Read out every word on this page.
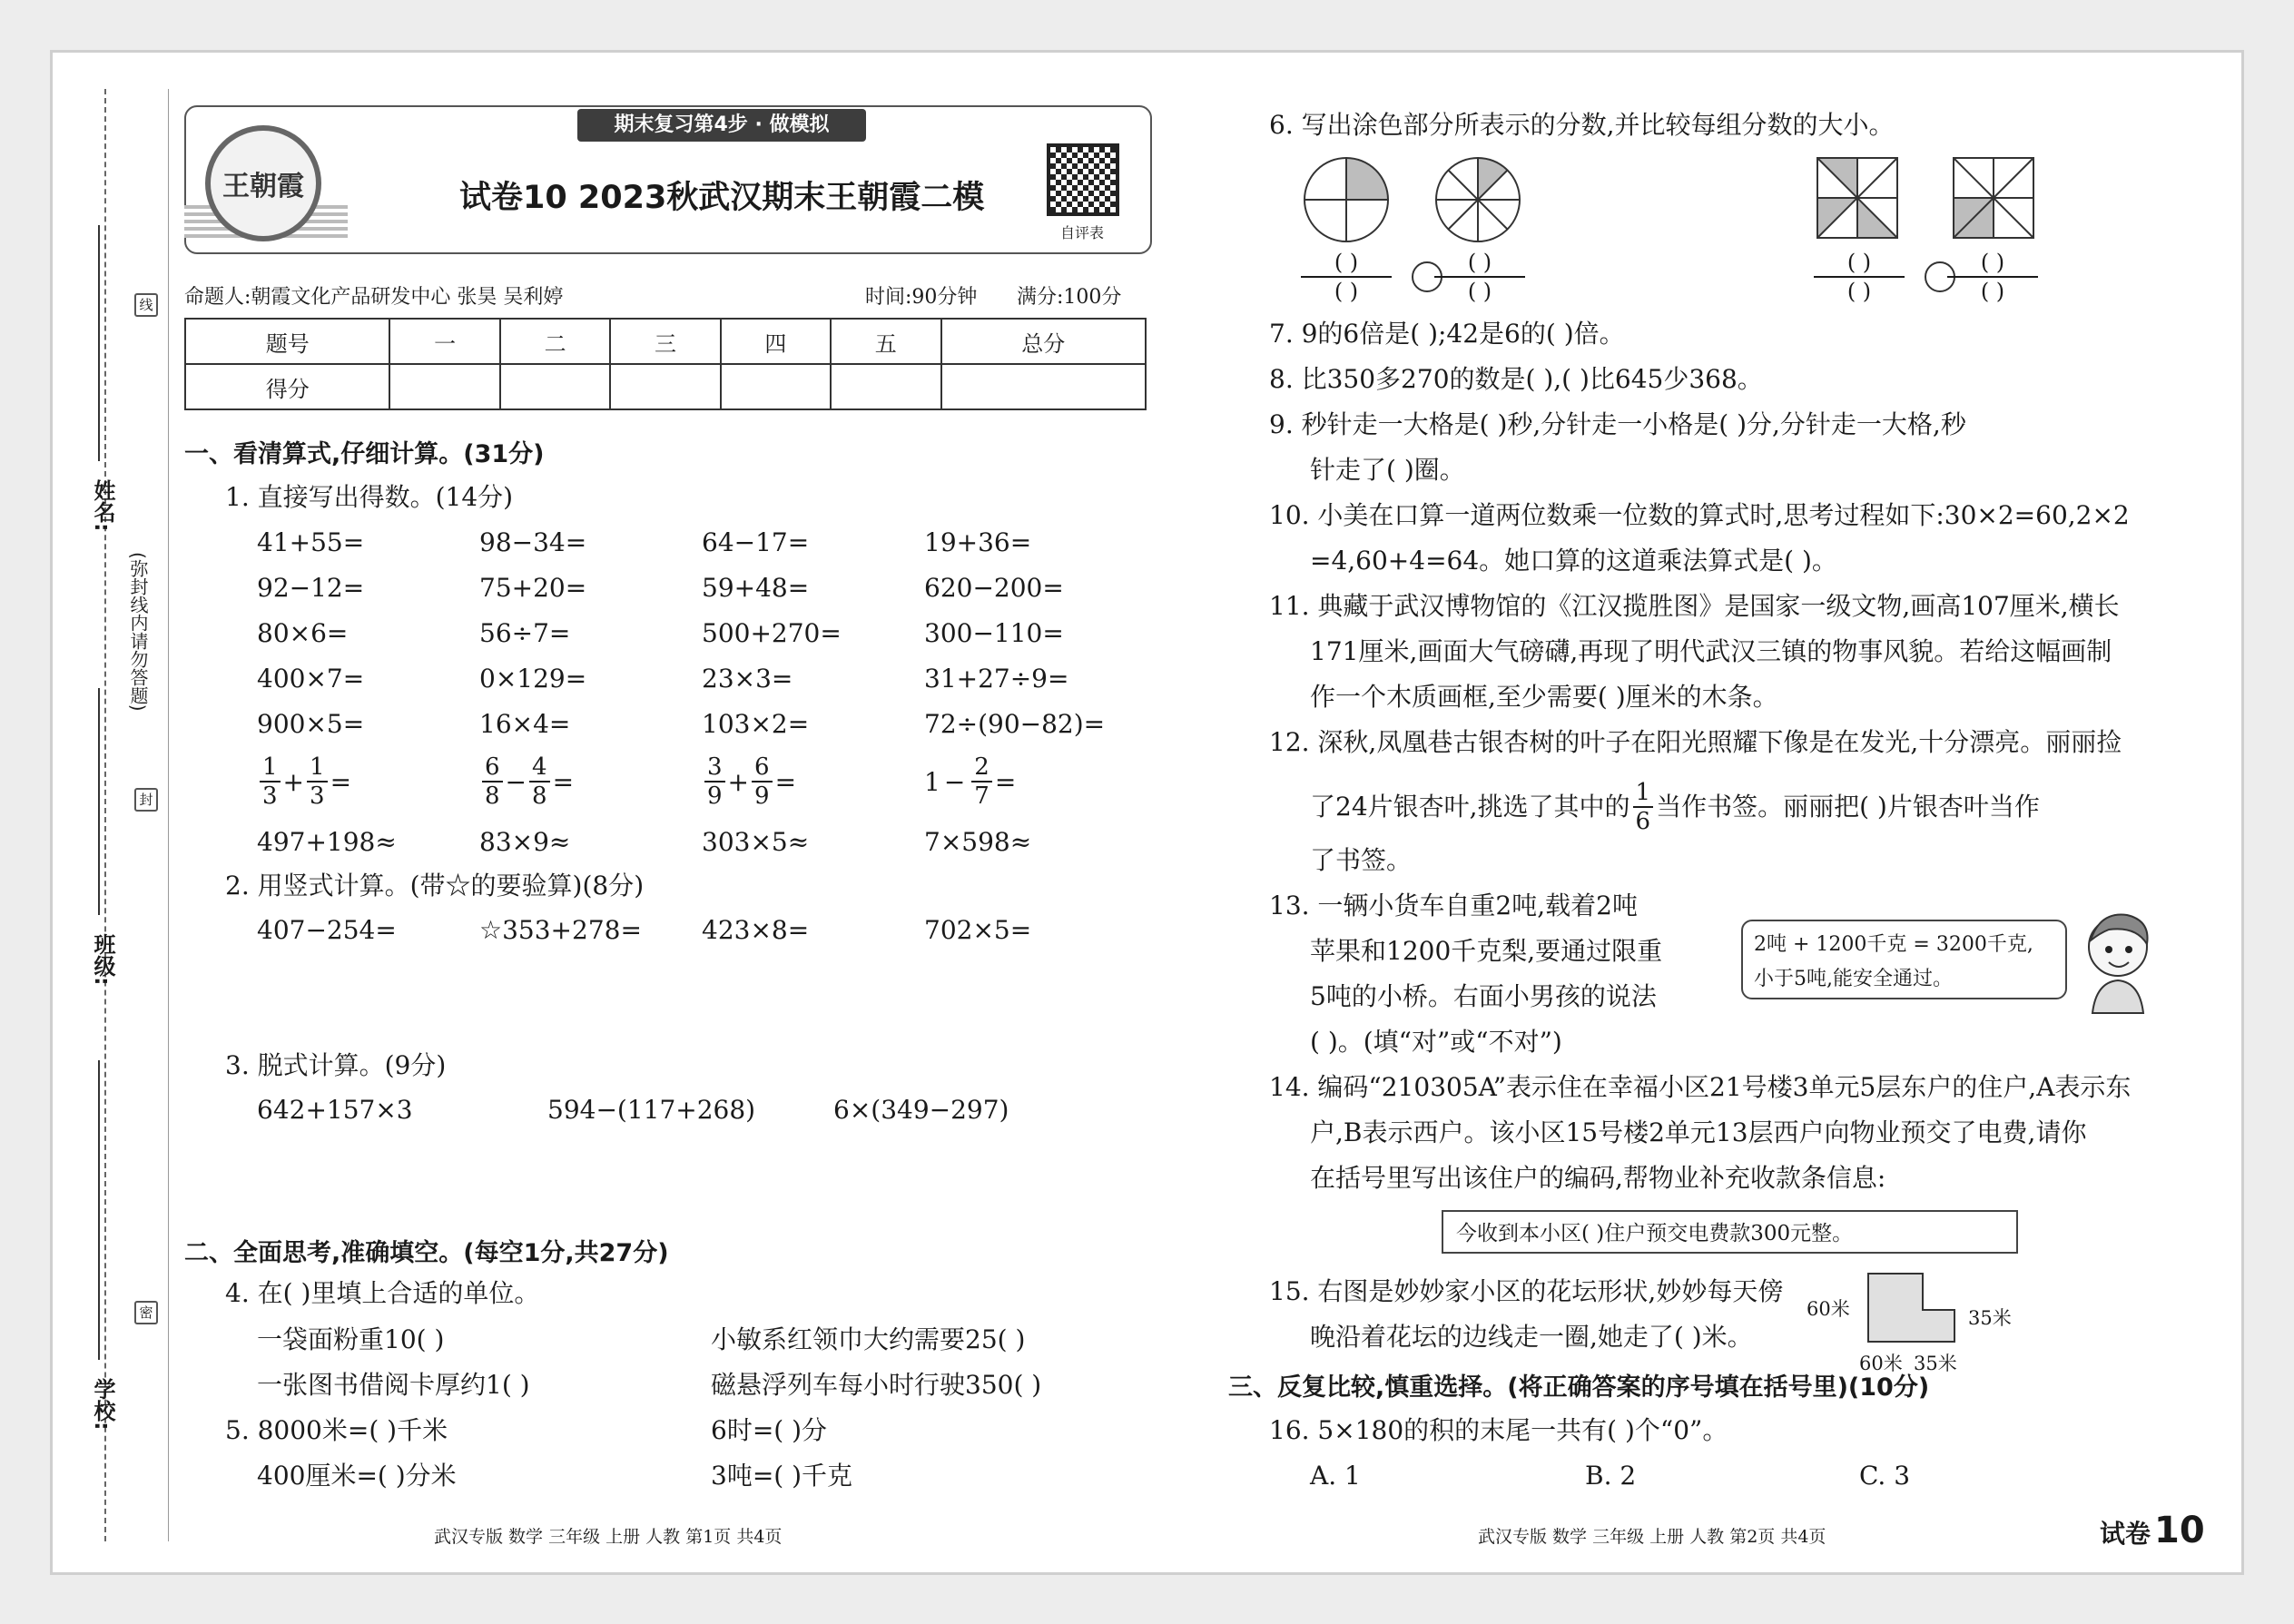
线
封
密
姓名:
(弥封线内请勿答题)
班级:
学校:
王朝霞
期末复习第4步 · 做模拟
试卷10 2023秋武汉期末王朝霞二模
自评表
命题人:朝霞文化产品研发中心 张昊 吴利婷	时间:90分钟 满分:100分
题号	一	二	三	四	五	总分
得分						
一、看清算式,仔细计算。(31分)
1. 直接写出得数。(14分)
41+55=	98−34=	64−17=	19+36=
92−12=	75+20=	59+48=	620−200=
80×6=	56÷7=	500+270=	300−110=
400×7=	0×129=	23×3=	31+27÷9=
900×5=	16×4=	103×2=	72÷(90−82)=
$\frac{1}{3} + \frac{1}{3}$ =	$\frac{6}{8} - \frac{4}{8}$ =	$\frac{3}{9} + \frac{6}{9}$ =	$1 - \frac{2}{7}$ =
497+198≈	83×9≈	303×5≈	7×598≈
2. 用竖式计算。(带☆的要验算)(8分)
407−254=	☆353+278= 423×8=	702×5=
3. 脱式计算。(9分)
642+157×3	594−(117+268)	6×(349−297)
二、全面思考,准确填空。(每空1分,共27分)
4. 在( )里填上合适的单位。
一袋面粉重10( )	小敏系红领巾大约需要25( )
一张图书借阅卡厚约1( )	磁悬浮列车每小时行驶350( )
5. 8000米=( )千米	6时=( )分
400厘米=( )分米	3吨=( )千克
武汉专版 数学 三年级 上册 人教 第1页 共4页
6. 写出涂色部分所表示的分数,并比较每组分数的大小。
( )
( )
( )
( )
( )
( )
( )
( )
7. 9的6倍是( );42是6的( )倍。
8. 比350多270的数是( ),( )比645少368。
9. 秒针走一大格是( )秒,分针走一小格是( )分,分针走一大格,秒
针走了( )圈。
10. 小美在口算一道两位数乘一位数的算式时,思考过程如下:30×2=60,2×2
=4,60+4=64。她口算的这道乘法算式是( )。
11. 典藏于武汉博物馆的《江汉揽胜图》是国家一级文物,画高107厘米,横长
171厘米,画面大气磅礴,再现了明代武汉三镇的物事风貌。若给这幅画制
作一个木质画框,至少需要( )厘米的木条。
12. 深秋,凤凰巷古银杏树的叶子在阳光照耀下像是在发光,十分漂亮。丽丽捡
了24片银杏叶,挑选了其中的 $\frac{1}{6}$ 当作书签。丽丽把( )片银杏叶当作
了书签。
13. 一辆小货车自重2吨,载着2吨
苹果和1200千克梨,要通过限重
5吨的小桥。右面小男孩的说法
( )。(填“对”或“不对”)
2吨 + 1200千克 = 3200千克,
小于5吨,能安全通过。
14. 编码“210305A”表示住在幸福小区21号楼3单元5层东户的住户,A表示东
户,B表示西户。该小区15号楼2单元13层西户向物业预交了电费,请你
在括号里写出该住户的编码,帮物业补充收款条信息:
今收到本小区( )住户预交电费款300元整。
15. 右图是妙妙家小区的花坛形状,妙妙每天傍
晚沿着花坛的边线走一圈,她走了( )米。
60米	35米
60米 35米
三、反复比较,慎重选择。(将正确答案的序号填在括号里)(10分)
16. 5×180的积的末尾一共有( )个“0”。
A. 1	B. 2	C. 3
武汉专版 数学 三年级 上册 人教 第2页 共4页	试卷 10
